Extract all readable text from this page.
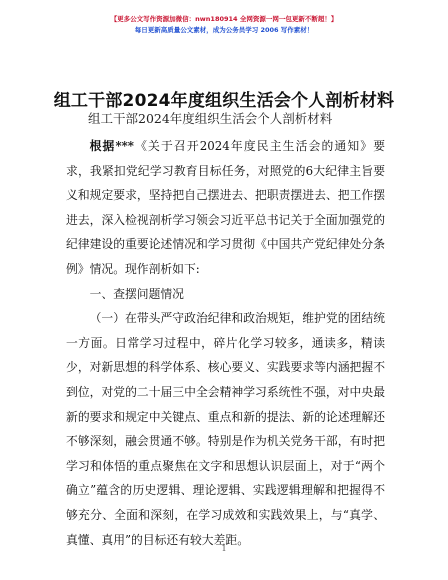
【更多公文写作资源加微信：nwn180914 全网资源一网一包更新不断超！】
每日更新高质量公文素材，成为公务员学习 2006 写作素材！
组工干部2024年度组织生活会个人剖析材料
组工干部2024年度组织生活会个人剖析材料

根据***《关于召开2024年度民主生活会的通知》要求，我紧扣党纪学习教育目标任务，对照党的6大纪律主旨要义和规定要求，坚持把自己摆进去、把职责摆进去、把工作摆进去，深入检视剖析学习领会习近平总书记关于全面加强党的纪律建设的重要论述情况和学习贯彻《中国共产党纪律处分条例》情况。现作剖析如下:

一、查摆问题情况

（一）在带头严守政治纪律和政治规矩，维护党的团结统一方面。日常学习过程中，碎片化学习较多，通读多，精读少，对新思想的科学体系、核心要义、实践要求等内涵把握不到位，对党的二十届三中全会精神学习系统性不强，对中央最新的要求和规定中关键点、重点和新的提法、新的论述理解还不够深刻，融会贯通不够。特别是作为机关党务干部，有时把学习和体悟的重点聚焦在文字和思想认识层面上，对于“两个确立”蕴含的历史逻辑、理论逻辑、实践逻辑理解和把握得不够充分、全面和深刻，在学习成效和实践效果上，与“真学、真懂、真用”的目标还有较大差距。

1
